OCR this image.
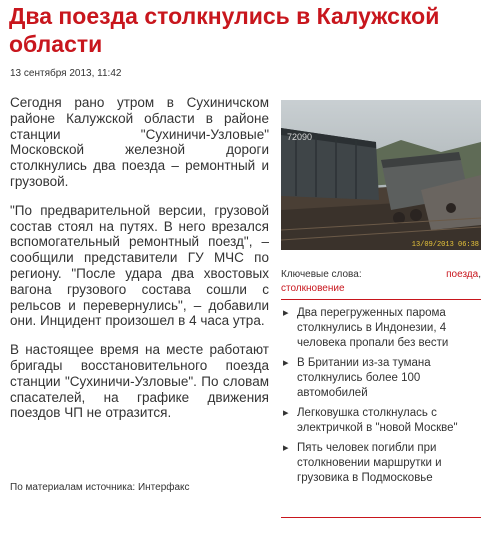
Два поезда столкнулись в Калужской области
13 сентября 2013, 11:42

Сегодня рано утром в Сухиничском районе Калужской области в районе станции "Сухиничи-Узловые" Московской железной дороги столкнулись два поезда – ремонтный и грузовой.

"По предварительной версии, грузовой состав стоял на путях. В него врезался вспомогательный ремонтный поезд", – сообщили представители ГУ МЧС по региону. "После удара два хвостовых вагона грузового состава сошли с рельсов и перевернулись", – добавили они. Инцидент произошел в 4 часа утра.

В настоящее время на месте работают бригады восстановительного поезда станции "Сухиничи-Узловые". По словам спасателей, на графике движения поездов ЧП не отразится.

По материалам источника: Интерфакс
72090
13/09/2013 06:38
Ключевые слова:	поезда,
столкновение
▸ Два перегруженных парома столкнулись в Индонезии, 4 человека пропали без вести
▸ В Британии из-за тумана столкнулись более 100 автомобилей
▸ Легковушка столкнулась с электричкой в "новой Москве"
▸ Пять человек погибли при столкновении маршрутки и грузовика в Подмосковье
